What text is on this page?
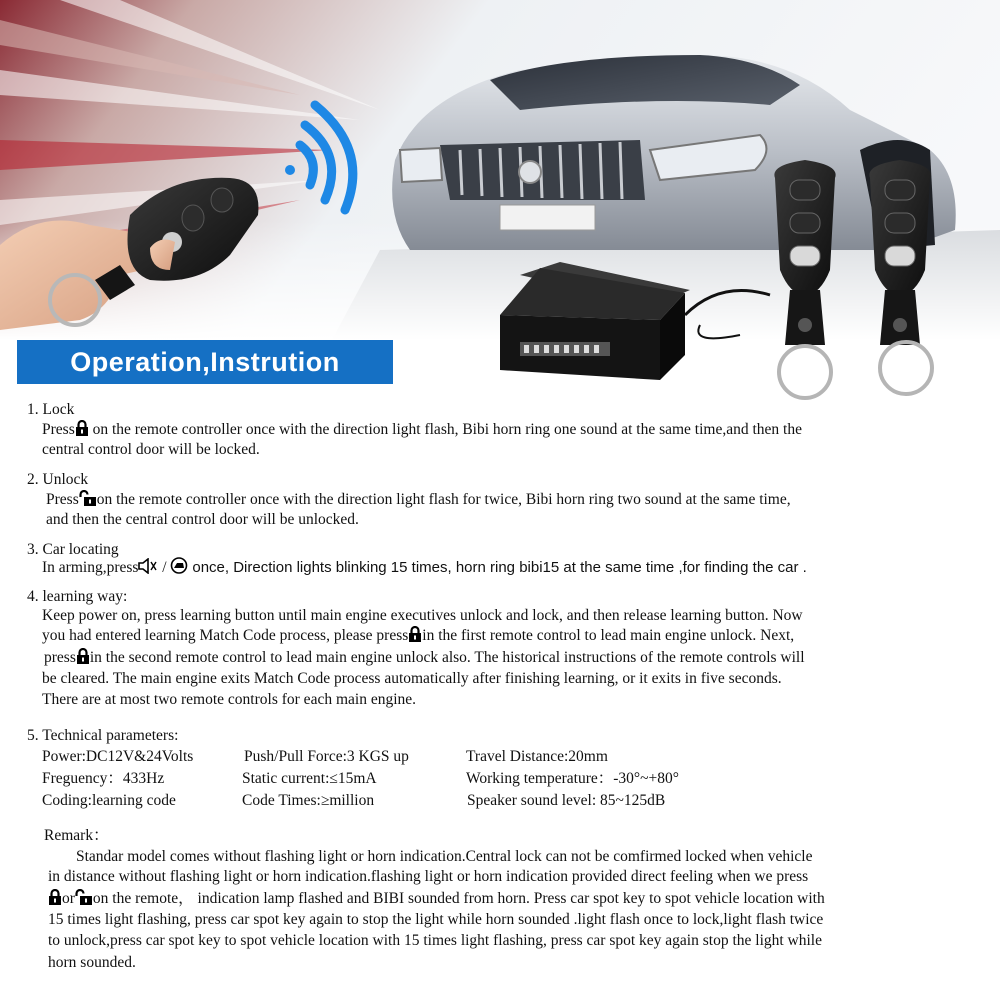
Operation,Instrution
1. Lock
Press on the remote controller once with the direction light flash, Bibi horn ring one sound at the same time,and then the
central control door will be locked.
2. Unlock
Press on the remote controller once with the direction light flash for twice, Bibi horn ring two sound at the same time,
and then the central control door will be unlocked.
3. Car locating
In arming,press / once, Direction lights blinking 15 times, horn ring bibi15 at the same time ,for finding the car .
4. learning way:
Keep power on, press learning button until main engine executives unlock and lock, and then release learning button. Now
you had entered learning Match Code process, please press in the first remote control to lead main engine unlock. Next,
press in the second remote control to lead main engine unlock also. The historical instructions of the remote controls will
be cleared. The main engine exits Match Code process automatically after finishing learning, or it exits in five seconds.
There are at most two remote controls for each main engine.
5. Technical parameters:
Power:DC12V&24Volts	Push/Pull Force:3 KGS up	Travel Distance:20mm
Freguency：433Hz	Static current:≤15mA	Working temperature：-30°~+80°
Coding:learning code	Code Times:≥million	Speaker sound level: 85~125dB
Remark：
Standar model comes without flashing light or horn indication.Central lock can not be comfirmed locked when vehicle
in distance without flashing light or horn indication.flashing light or horn indication provided direct feeling when we press
or on the remote， indication lamp flashed and BIBI sounded from horn. Press car spot key to spot vehicle location with
15 times light flashing, press car spot key again to stop the light while horn sounded .light flash once to lock,light flash twice
to unlock,press car spot key to spot vehicle location with 15 times light flashing, press car spot key again stop the light while
horn sounded.
